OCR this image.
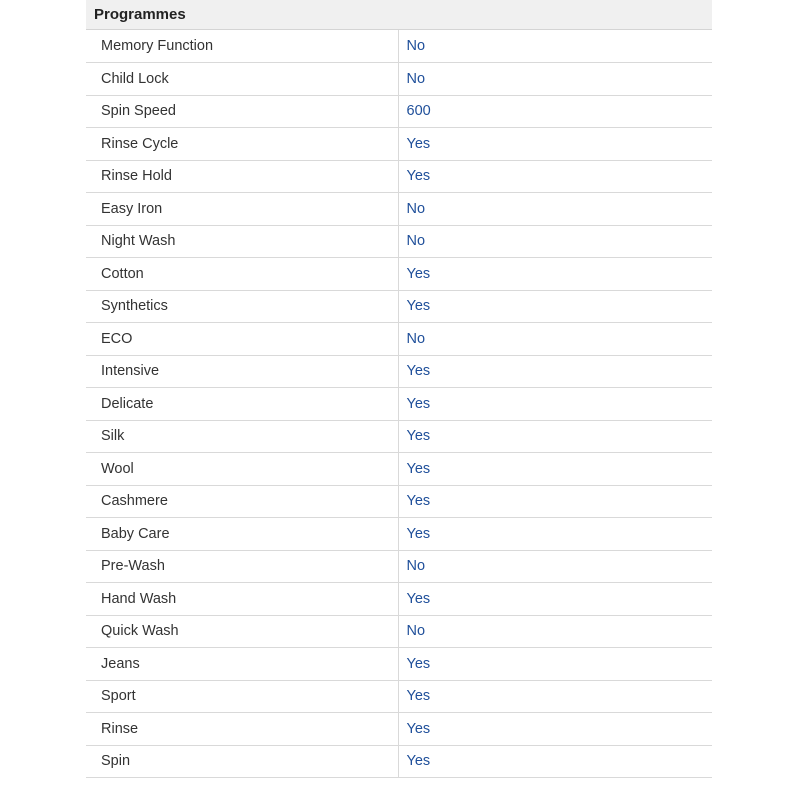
Programmes
Memory Function	No
Child Lock	No
Spin Speed	600
Rinse Cycle	Yes
Rinse Hold	Yes
Easy Iron	No
Night Wash	No
Cotton	Yes
Synthetics	Yes
ECO	No
Intensive	Yes
Delicate	Yes
Silk	Yes
Wool	Yes
Cashmere	Yes
Baby Care	Yes
Pre-Wash	No
Hand Wash	Yes
Quick Wash	No
Jeans	Yes
Sport	Yes
Rinse	Yes
Spin	Yes
